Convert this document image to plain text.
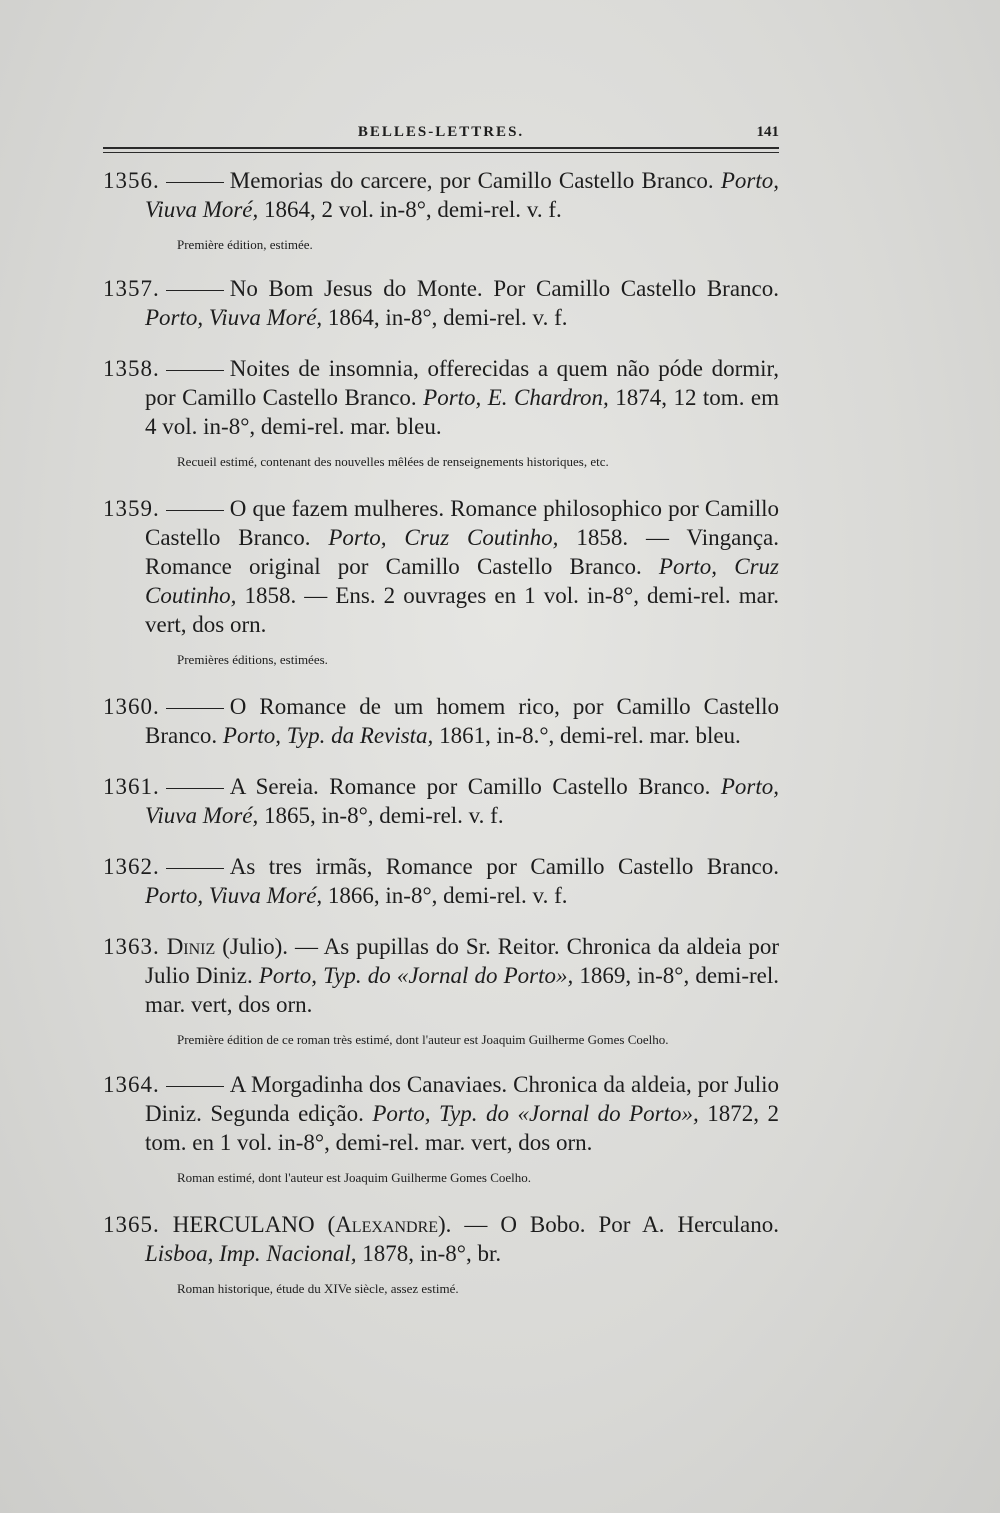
BELLES-LETTRES.	141

1356.	Memorias do carcere, por Camillo Castello Branco. Porto, Viuva Moré, 1864, 2 vol. in-8°, demi-rel. v. f.

Première édition, estimée.

1357.	No Bom Jesus do Monte. Por Camillo Castello Branco. Porto, Viuva Moré, 1864, in-8°, demi-rel. v. f.

1358.	Noites de insomnia, offerecidas a quem não póde dormir, por Camillo Castello Branco. Porto, E. Chardron, 1874, 12 tom. em 4 vol. in-8°, demi-rel. mar. bleu.

Recueil estimé, contenant des nouvelles mêlées de renseignements historiques, etc.

1359.	O que fazem mulheres. Romance philosophico por Camillo Castello Branco. Porto, Cruz Coutinho, 1858. — Vingança. Romance original por Camillo Castello Branco. Porto, Cruz Coutinho, 1858. — Ens. 2 ouvrages en 1 vol. in-8°, demi-rel. mar. vert, dos orn.

Premières éditions, estimées.

1360.	O Romance de um homem rico, por Camillo Castello Branco. Porto, Typ. da Revista, 1861, in-8.°, demi-rel. mar. bleu.

1361.	A Sereia. Romance por Camillo Castello Branco. Porto, Viuva Moré, 1865, in-8°, demi-rel. v. f.

1362.	As tres irmãs, Romance por Camillo Castello Branco. Porto, Viuva Moré, 1866, in-8°, demi-rel. v. f.

1363. Diniz (Julio). — As pupillas do Sr. Reitor. Chronica da aldeia por Julio Diniz. Porto, Typ. do «Jornal do Porto», 1869, in-8°, demi-rel. mar. vert, dos orn.

Première édition de ce roman très estimé, dont l'auteur est Joaquim Guilherme Gomes Coelho.

1364.	A Morgadinha dos Canaviaes. Chronica da aldeia, por Julio Diniz. Segunda edição. Porto, Typ. do «Jornal do Porto», 1872, 2 tom. en 1 vol. in-8°, demi-rel. mar. vert, dos orn.

Roman estimé, dont l'auteur est Joaquim Guilherme Gomes Coelho.

1365. HERCULANO (Alexandre). — O Bobo. Por A. Herculano. Lisboa, Imp. Nacional, 1878, in-8°, br.

Roman historique, étude du XIVe siècle, assez estimé.
